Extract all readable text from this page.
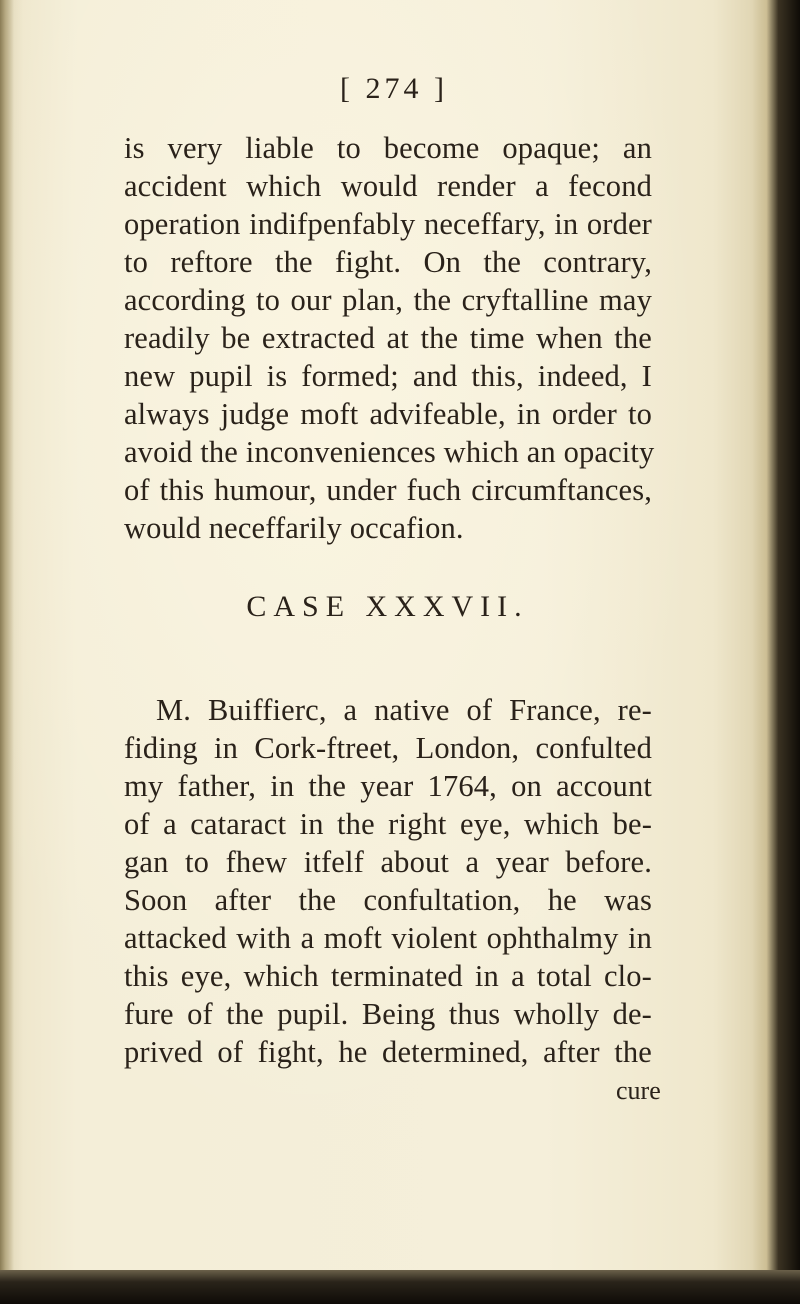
[ 274 ]
is very liable to become opaque; an
accident which would render a fecond
operation indifpenfably neceffary, in order
to reftore the fight. On the contrary,
according to our plan, the cryftalline may
readily be extracted at the time when the
new pupil is formed; and this, indeed, I
always judge moft advifeable, in order to
avoid the inconveniences which an opacity
of this humour, under fuch circumftances,
would neceffarily occafion.
CASE XXXVII.
M. Buiffierc, a native of France, re-
fiding in Cork-ftreet, London, confulted
my father, in the year 1764, on account
of a cataract in the right eye, which be-
gan to fhew itfelf about a year before.
Soon after the confultation, he was
attacked with a moft violent ophthalmy in
this eye, which terminated in a total clo-
fure of the pupil. Being thus wholly de-
prived of fight, he determined, after the
cure
